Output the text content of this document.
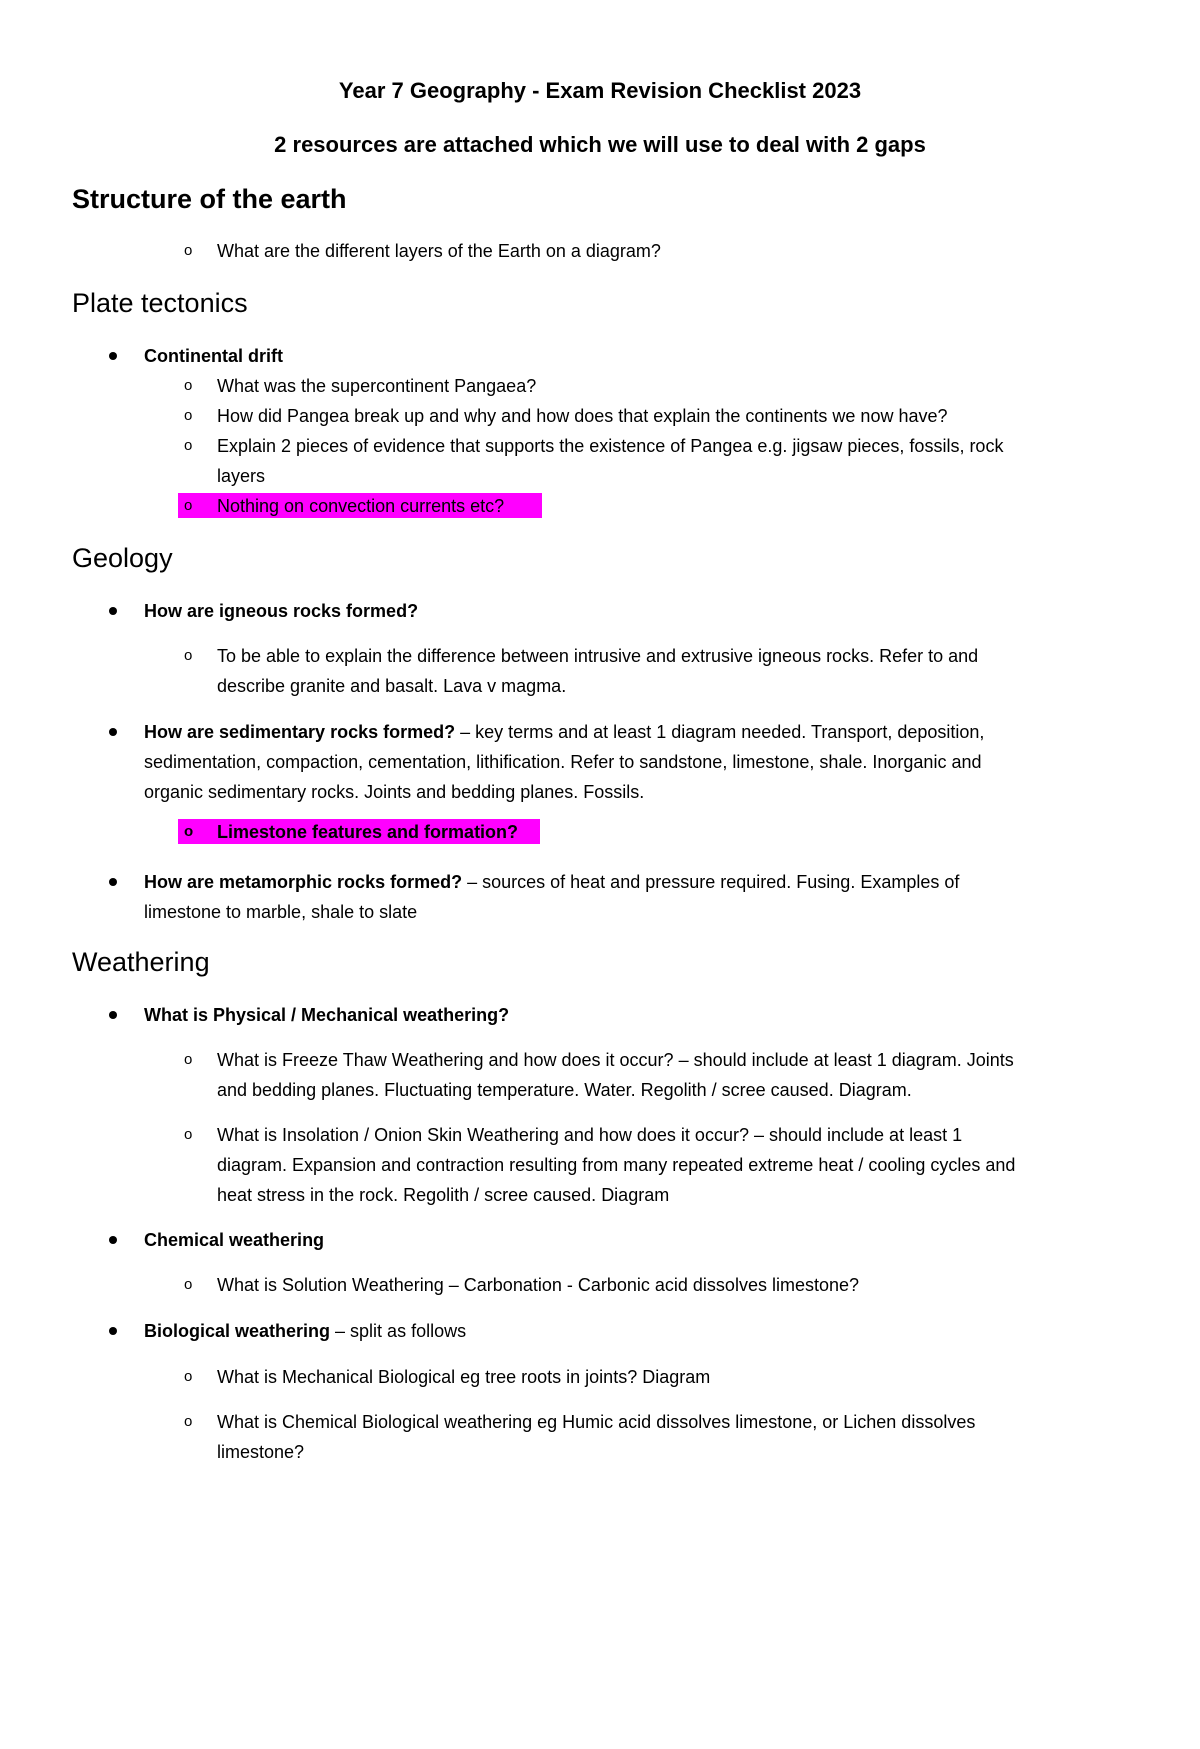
Year 7 Geography - Exam Revision Checklist 2023
2 resources are attached which we will use to deal with 2 gaps
Structure of the earth
o What are the different layers of the Earth on a diagram?
Plate tectonics
Continental drift
o What was the supercontinent Pangaea?
o How did Pangea break up and why and how does that explain the continents we now have?
o Explain 2 pieces of evidence that supports the existence of Pangea e.g. jigsaw pieces, fossils, rock
layers
o Nothing on convection currents etc?
Geology
How are igneous rocks formed?
o To be able to explain the difference between intrusive and extrusive igneous rocks. Refer to and
describe granite and basalt. Lava v magma.
How are sedimentary rocks formed? – key terms and at least 1 diagram needed. Transport, deposition,
sedimentation, compaction, cementation, lithification. Refer to sandstone, limestone, shale. Inorganic and
organic sedimentary rocks. Joints and bedding planes. Fossils.
o Limestone features and formation?
How are metamorphic rocks formed? – sources of heat and pressure required. Fusing. Examples of
limestone to marble, shale to slate
Weathering
What is Physical / Mechanical weathering?
o What is Freeze Thaw Weathering and how does it occur? – should include at least 1 diagram. Joints
and bedding planes. Fluctuating temperature. Water. Regolith / scree caused. Diagram.
o What is Insolation / Onion Skin Weathering and how does it occur? – should include at least 1
diagram. Expansion and contraction resulting from many repeated extreme heat / cooling cycles and
heat stress in the rock. Regolith / scree caused. Diagram
Chemical weathering
o What is Solution Weathering – Carbonation - Carbonic acid dissolves limestone?
Biological weathering – split as follows
o What is Mechanical Biological eg tree roots in joints? Diagram
o What is Chemical Biological weathering eg Humic acid dissolves limestone, or Lichen dissolves
limestone?
